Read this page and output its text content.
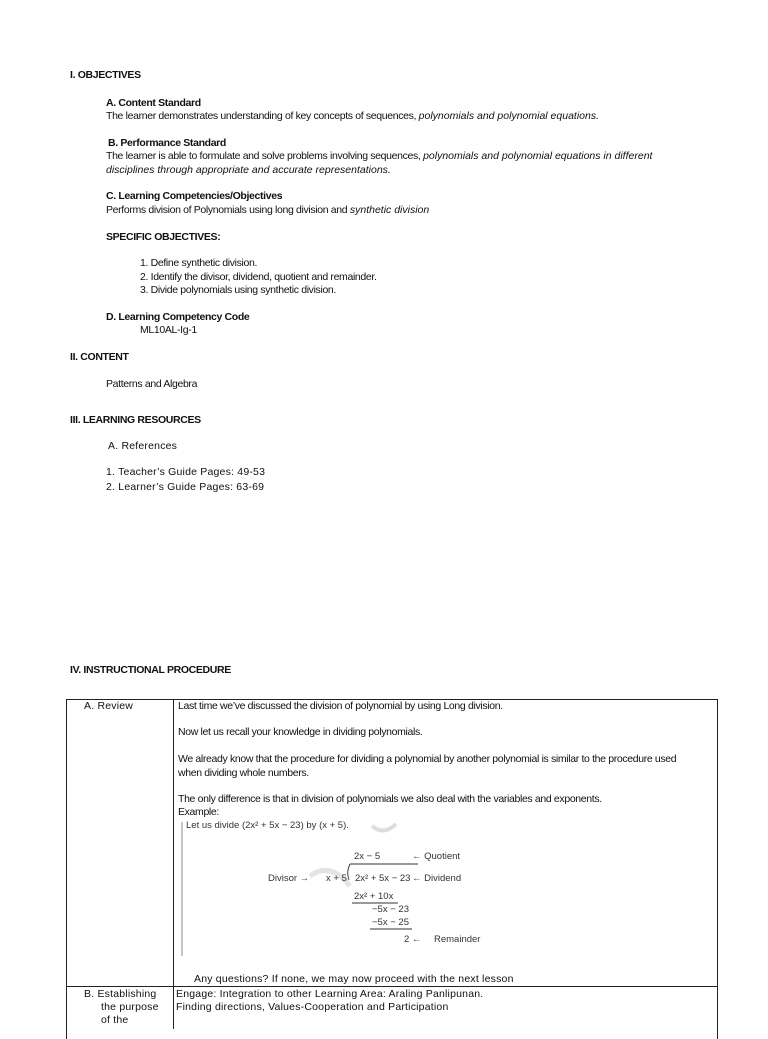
I. OBJECTIVES
A. Content Standard
The learner demonstrates understanding of key concepts of sequences, polynomials and polynomial equations.
B. Performance Standard
The learner is able to formulate and solve problems involving sequences, polynomials and polynomial equations in different
disciplines through appropriate and accurate representations.
C. Learning Competencies/Objectives
Performs division of Polynomials using long division and synthetic division
SPECIFIC OBJECTIVES:
1. Define synthetic division.
2. Identify the divisor, dividend, quotient and remainder.
3. Divide polynomials using synthetic division.
D. Learning Competency Code
ML10AL-Ig-1
II. CONTENT
Patterns and Algebra
III. LEARNING RESOURCES
A. References
1. Teacher’s Guide Pages: 49-53
2. Learner’s Guide Pages: 63-69
IV. INSTRUCTIONAL PROCEDURE
A. Review	Last time we’ve discussed the division of polynomial by using Long division.
Now let us recall your knowledge in dividing polynomials.
We already know that the procedure for dividing a polynomial by another polynomial is similar to the procedure used
when dividing whole numbers.
The only difference is that in division of polynomials we also deal with the variables and exponents.
Example:
Let us divide (2x² + 5x − 23) by (x + 5).
2x − 5	← Quotient
Divisor → x + 5 2x² + 5x − 23 ← Dividend
2x² + 10x
−5x − 23
−5x − 25
2 ← Remainder
Any questions? If none, we may now proceed with the next lesson
B. Establishing
the purpose
of the
Engage: Integration to other Learning Area: Araling Panlipunan.
Finding directions, Values-Cooperation and Participation
